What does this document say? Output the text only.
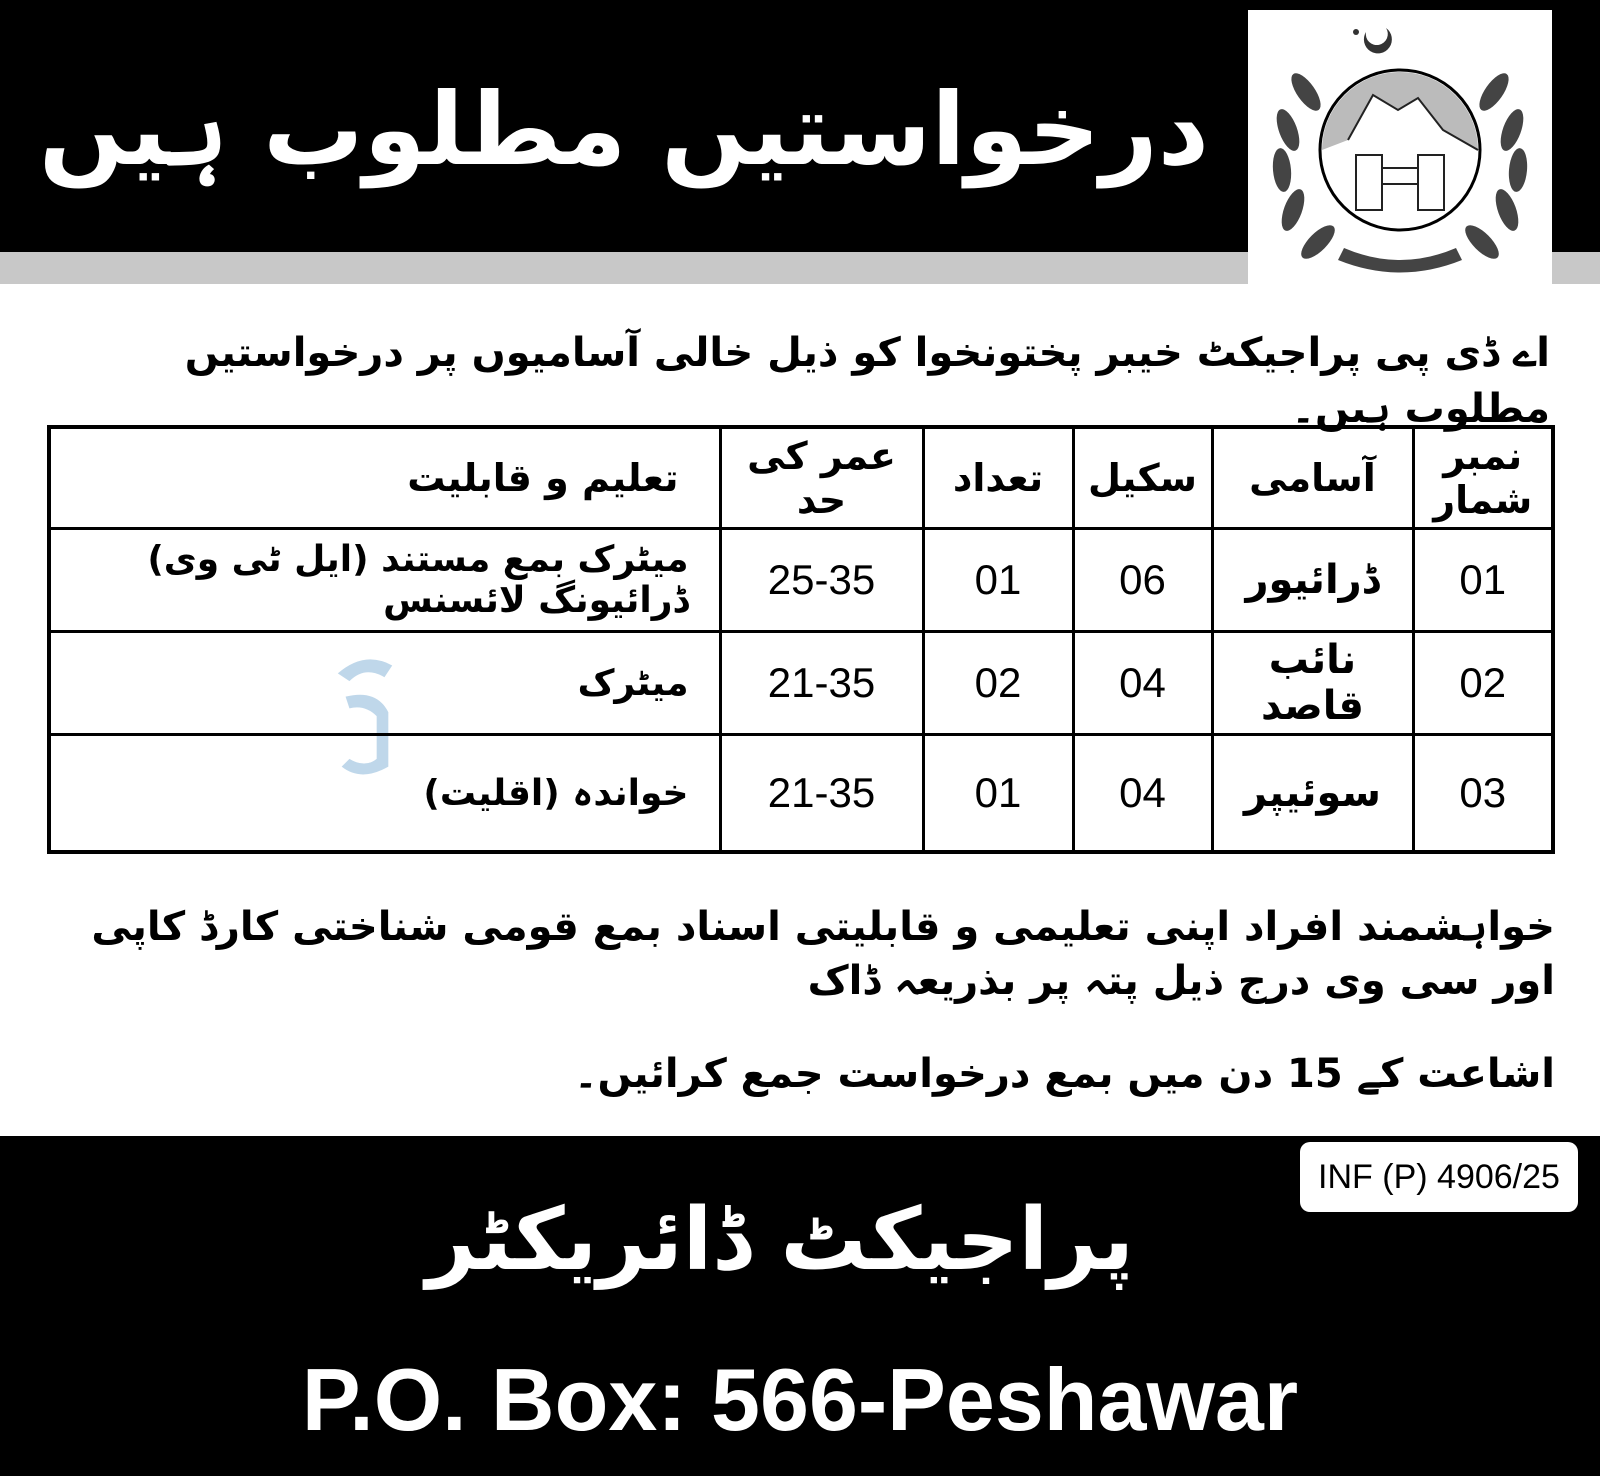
درخواستیں مطلوب ہیں
اے ڈی پی پراجیکٹ خیبر پختونخوا کو ذیل خالی آسامیوں پر درخواستیں مطلوب ہیں۔
نمبر شمار	آسامی	سکیل	تعداد	عمر کی حد	تعلیم و قابلیت
01	ڈرائیور	06	01	25-35	میٹرک بمع مستند (ایل ٹی وی) ڈرائیونگ لائسنس
02	نائب قاصد	04	02	21-35	میٹرک
03	سوئیپر	04	01	21-35	خواندہ (اقلیت)
خواہشمند افراد اپنی تعلیمی و قابلیتی اسناد بمع قومی شناختی کارڈ کاپی اور سی وی درج ذیل پتہ پر بذریعہ ڈاک
اشاعت کے 15 دن میں بمع درخواست جمع کرائیں۔
INF (P) 4906/25
پراجیکٹ ڈائریکٹر
P.O. Box: 566-Peshawar
